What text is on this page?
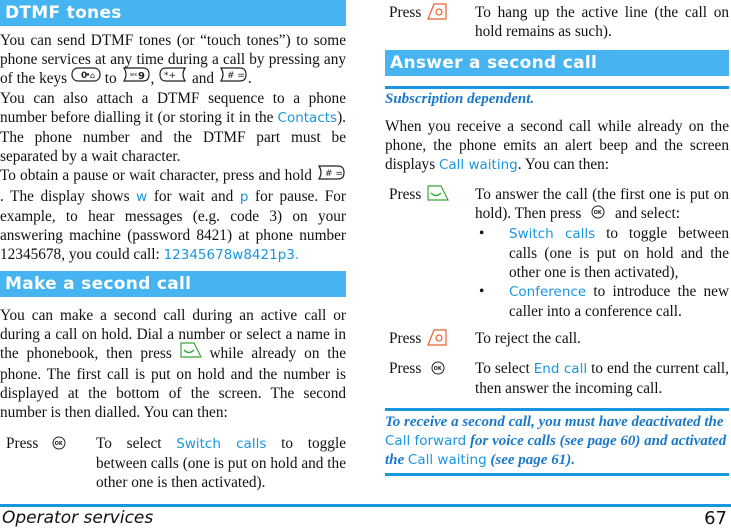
DTMF tones

You can send DTMF tones (or “touch tones”) to some phone services at any time during a call by pressing any of the keys 0 ⌂ to wx 9 , *+ and # = .

You can also attach a DTMF sequence to a phone number before dialling it (or storing it in the Contacts). The phone number and the DTMF part must be separated by a wait character.

To obtain a pause or wait character, press and hold # =
. The display shows w for wait and p for pause. For example, to hear messages (e.g. code 3) on your answering machine (password 8421) at phone number 12345678, you could call: 12345678w8421p3.

Make a second call

You can make a second call during an active call or during a call on hold. Dial a number or select a name in the phonebook, then press  while already on the phone. The first call is put on hold and the number is displayed at the bottom of the screen. The second number is then dialled. You can then:

Press	OK To select Switch calls to toggle between calls (one is put on hold and the other one is then activated).
Press	To hang up the active line (the call on hold remains as such).
Answer a second call
Subscription dependent.

When you receive a second call while already on the phone, the phone emits an alert beep and the screen displays Call waiting. You can then:

Press	To answer the call (the first one is put on hold). Then press OK and select:
•	Switch calls to toggle between calls (one is put on hold and the other one is then activated),
•	Conference to introduce the new caller into a conference call.
Press	To reject the call.
Press	OK To select End call to end the current call, then answer the incoming call.
To receive a second call, you must have deactivated the Call forward for voice calls (see page 60) and activated the Call waiting (see page 61).
Operator services	67
